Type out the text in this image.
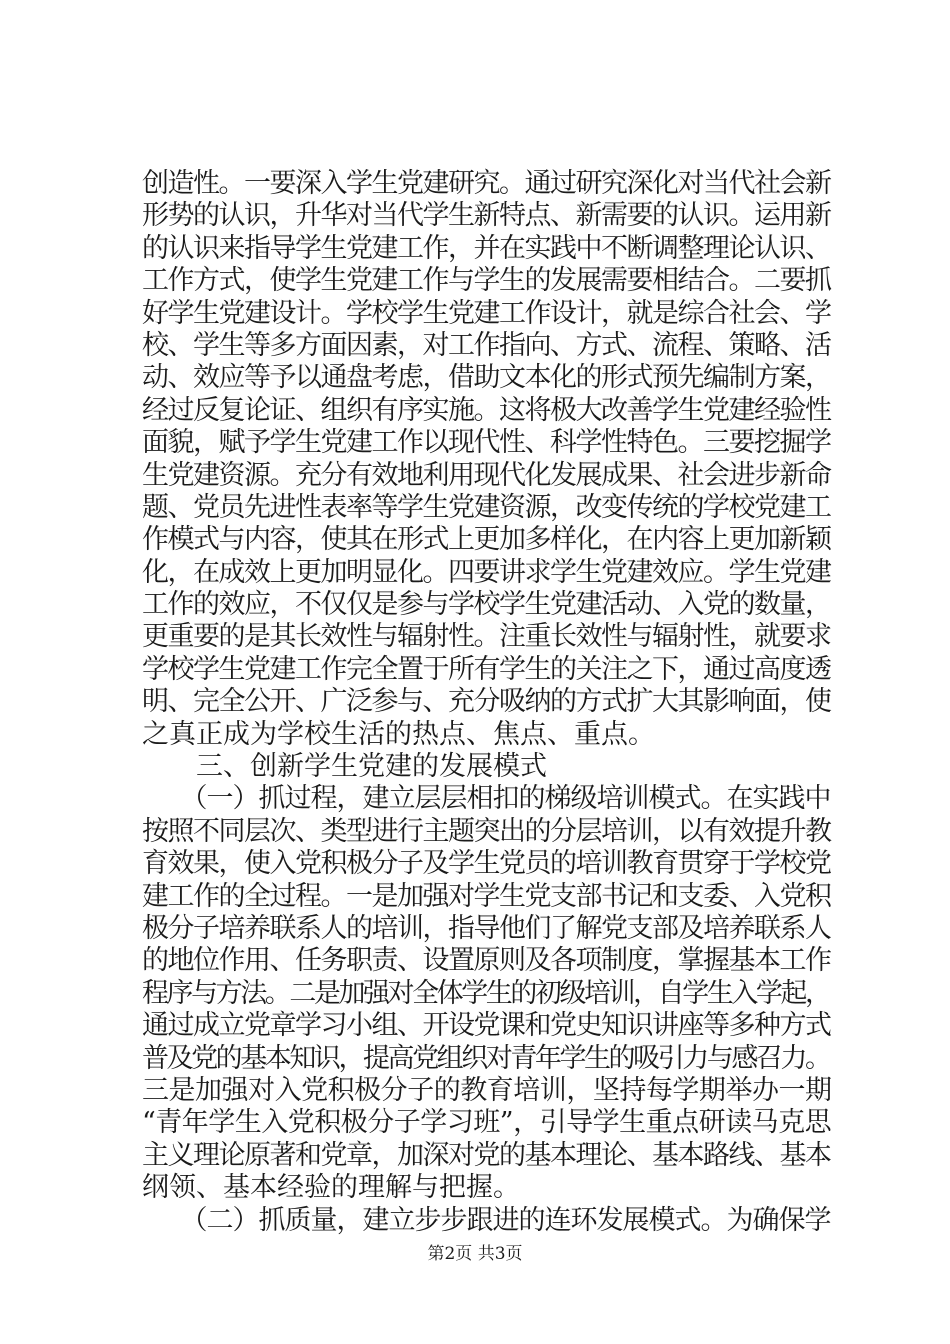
创造性。一要深入学生党建研究。通过研究深化对当代社会新
形势的认识，升华对当代学生新特点、新需要的认识。运用新
的认识来指导学生党建工作，并在实践中不断调整理论认识、
工作方式，使学生党建工作与学生的发展需要相结合。二要抓
好学生党建设计。学校学生党建工作设计，就是综合社会、学
校、学生等多方面因素，对工作指向、方式、流程、策略、活
动、效应等予以通盘考虑，借助文本化的形式预先编制方案，
经过反复论证、组织有序实施。这将极大改善学生党建经验性
面貌，赋予学生党建工作以现代性、科学性特色。三要挖掘学
生党建资源。充分有效地利用现代化发展成果、社会进步新命
题、党员先进性表率等学生党建资源，改变传统的学校党建工
作模式与内容，使其在形式上更加多样化，在内容上更加新颖
化，在成效上更加明显化。四要讲求学生党建效应。学生党建
工作的效应，不仅仅是参与学校学生党建活动、入党的数量，
更重要的是其长效性与辐射性。注重长效性与辐射性，就要求
学校学生党建工作完全置于所有学生的关注之下，通过高度透
明、完全公开、广泛参与、充分吸纳的方式扩大其影响面，使
之真正成为学校生活的热点、焦点、重点。
　　三、创新学生党建的发展模式
　　（一）抓过程，建立层层相扣的梯级培训模式。在实践中
按照不同层次、类型进行主题突出的分层培训，以有效提升教
育效果，使入党积极分子及学生党员的培训教育贯穿于学校党
建工作的全过程。一是加强对学生党支部书记和支委、入党积
极分子培养联系人的培训，指导他们了解党支部及培养联系人
的地位作用、任务职责、设置原则及各项制度，掌握基本工作
程序与方法。二是加强对全体学生的初级培训，自学生入学起，
通过成立党章学习小组、开设党课和党史知识讲座等多种方式
普及党的基本知识，提高党组织对青年学生的吸引力与感召力。
三是加强对入党积极分子的教育培训，坚持每学期举办一期
“青年学生入党积极分子学习班”，引导学生重点研读马克思
主义理论原著和党章，加深对党的基本理论、基本路线、基本
纲领、基本经验的理解与把握。
　　（二）抓质量，建立步步跟进的连环发展模式。为确保学
第2页 共3页
